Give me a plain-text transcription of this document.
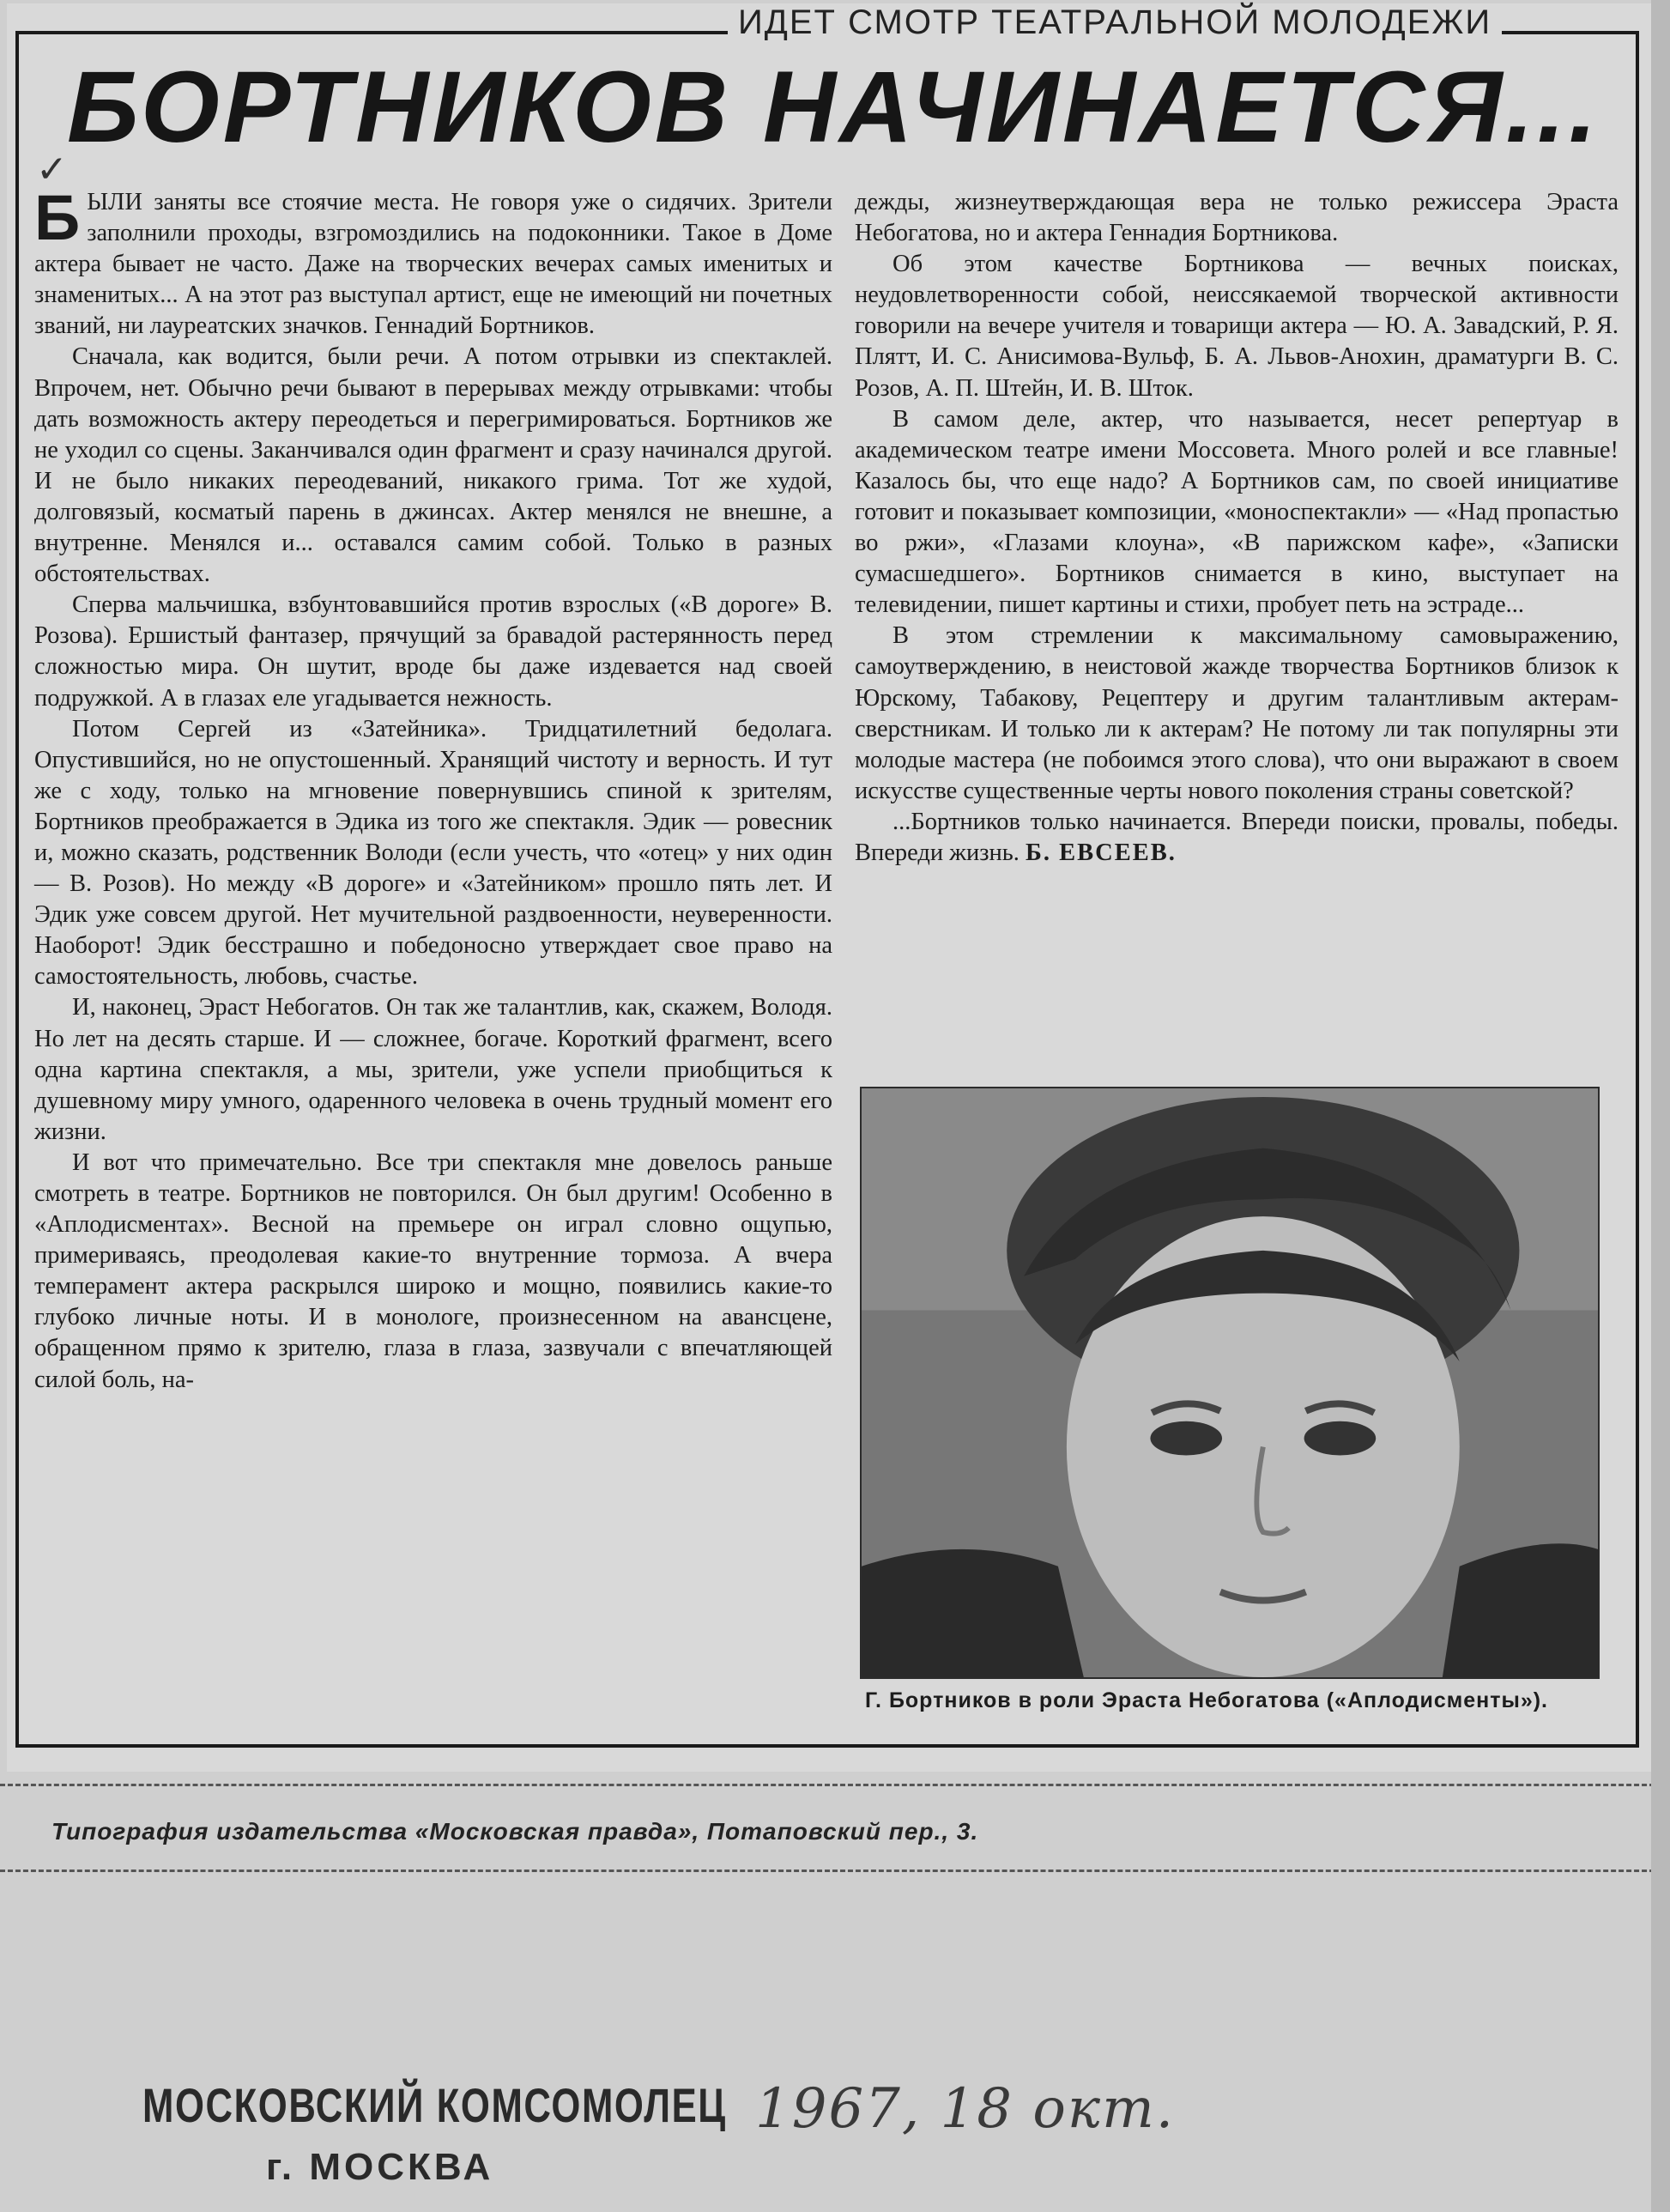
ИДЕТ СМОТР ТЕАТРАЛЬНОЙ МОЛОДЕЖИ
БОРТНИКОВ НАЧИНАЕТСЯ...
✓

БЫЛИ заняты все стоячие места. Не говоря уже о сидячих. Зрители заполнили проходы, взгромоздились на подоконники. Такое в Доме актера бывает не часто. Даже на творческих вечерах самых именитых и знаменитых... А на этот раз выступал артист, еще не имеющий ни почетных званий, ни лауреатских значков. Геннадий Бортников.

Сначала, как водится, были речи. А потом отрывки из спектаклей. Впрочем, нет. Обычно речи бывают в перерывах между отрывками: чтобы дать возможность актеру переодеться и перегримироваться. Бортников же не уходил со сцены. Заканчивался один фрагмент и сразу начинался другой. И не было никаких переодеваний, никакого грима. Тот же худой, долговязый, косматый парень в джинсах. Актер менялся не внешне, а внутренне. Менялся и... оставался самим собой. Только в разных обстоятельствах.

Сперва мальчишка, взбунтовавшийся против взрослых («В дороге» В. Розова). Ершистый фантазер, прячущий за бравадой растерянность перед сложностью мира. Он шутит, вроде бы даже издевается над своей подружкой. А в глазах еле угадывается нежность.

Потом Сергей из «Затейника». Тридцатилетний бедолага. Опустившийся, но не опустошенный. Хранящий чистоту и верность. И тут же с ходу, только на мгновение повернувшись спиной к зрителям, Бортников преображается в Эдика из того же спектакля. Эдик — ровесник и, можно сказать, родственник Володи (если учесть, что «отец» у них один — В. Розов). Но между «В дороге» и «Затейником» прошло пять лет. И Эдик уже совсем другой. Нет мучительной раздвоенности, неуверенности. Наоборот! Эдик бесстрашно и победоносно утверждает свое право на самостоятельность, любовь, счастье.

И, наконец, Эраст Небогатов. Он так же талантлив, как, скажем, Володя. Но лет на десять старше. И — сложнее, богаче. Короткий фрагмент, всего одна картина спектакля, а мы, зрители, уже успели приобщиться к душевному миру умного, одаренного человека в очень трудный момент его жизни.

И вот что примечательно. Все три спектакля мне довелось раньше смотреть в театре. Бортников не повторился. Он был другим! Особенно в «Аплодисментах». Весной на премьере он играл словно ощупью, примериваясь, преодолевая какие-то внутренние тормоза. А вчера темперамент актера раскрылся широко и мощно, появились какие-то глубоко личные ноты. И в монологе, произнесенном на авансцене, обращенном прямо к зрителю, глаза в глаза, зазвучали с впечатляющей силой боль, на-

дежды, жизнеутверждающая вера не только режиссера Эраста Небогатова, но и актера Геннадия Бортникова.

Об этом качестве Бортникова — вечных поисках, неудовлетворенности собой, неиссякаемой творческой активности говорили на вечере учителя и товарищи актера — Ю. А. Завадский, Р. Я. Плятт, И. С. Анисимова-Вульф, Б. А. Львов-Анохин, драматурги В. С. Розов, А. П. Штейн, И. В. Шток.

В самом деле, актер, что называется, несет репертуар в академическом театре имени Моссовета. Много ролей и все главные! Казалось бы, что еще надо? А Бортников сам, по своей инициативе готовит и показывает композиции, «моноспектакли» — «Над пропастью во ржи», «Глазами клоуна», «В парижском кафе», «Записки сумасшедшего». Бортников снимается в кино, выступает на телевидении, пишет картины и стихи, пробует петь на эстраде...

В этом стремлении к максимальному самовыражению, самоутверждению, в неистовой жажде творчества Бортников близок к Юрскому, Табакову, Рецептеру и другим талантливым актерам-сверстникам. И только ли к актерам? Не потому ли так популярны эти молодые мастера (не побоимся этого слова), что они выражают в своем искусстве существенные черты нового поколения страны советской?

...Бортников только начинается. Впереди поиски, провалы, победы. Впереди жизнь. Б. ЕВСЕЕВ.

Г. Бортников в роли Эраста Небогатова («Аплодисменты»).
Типография издательства «Московская правда», Потаповский пер., 3.
МОСКОВСКИЙ КОМСОМОЛЕЦ
г. МОСКВА
1967, 18 окт.
